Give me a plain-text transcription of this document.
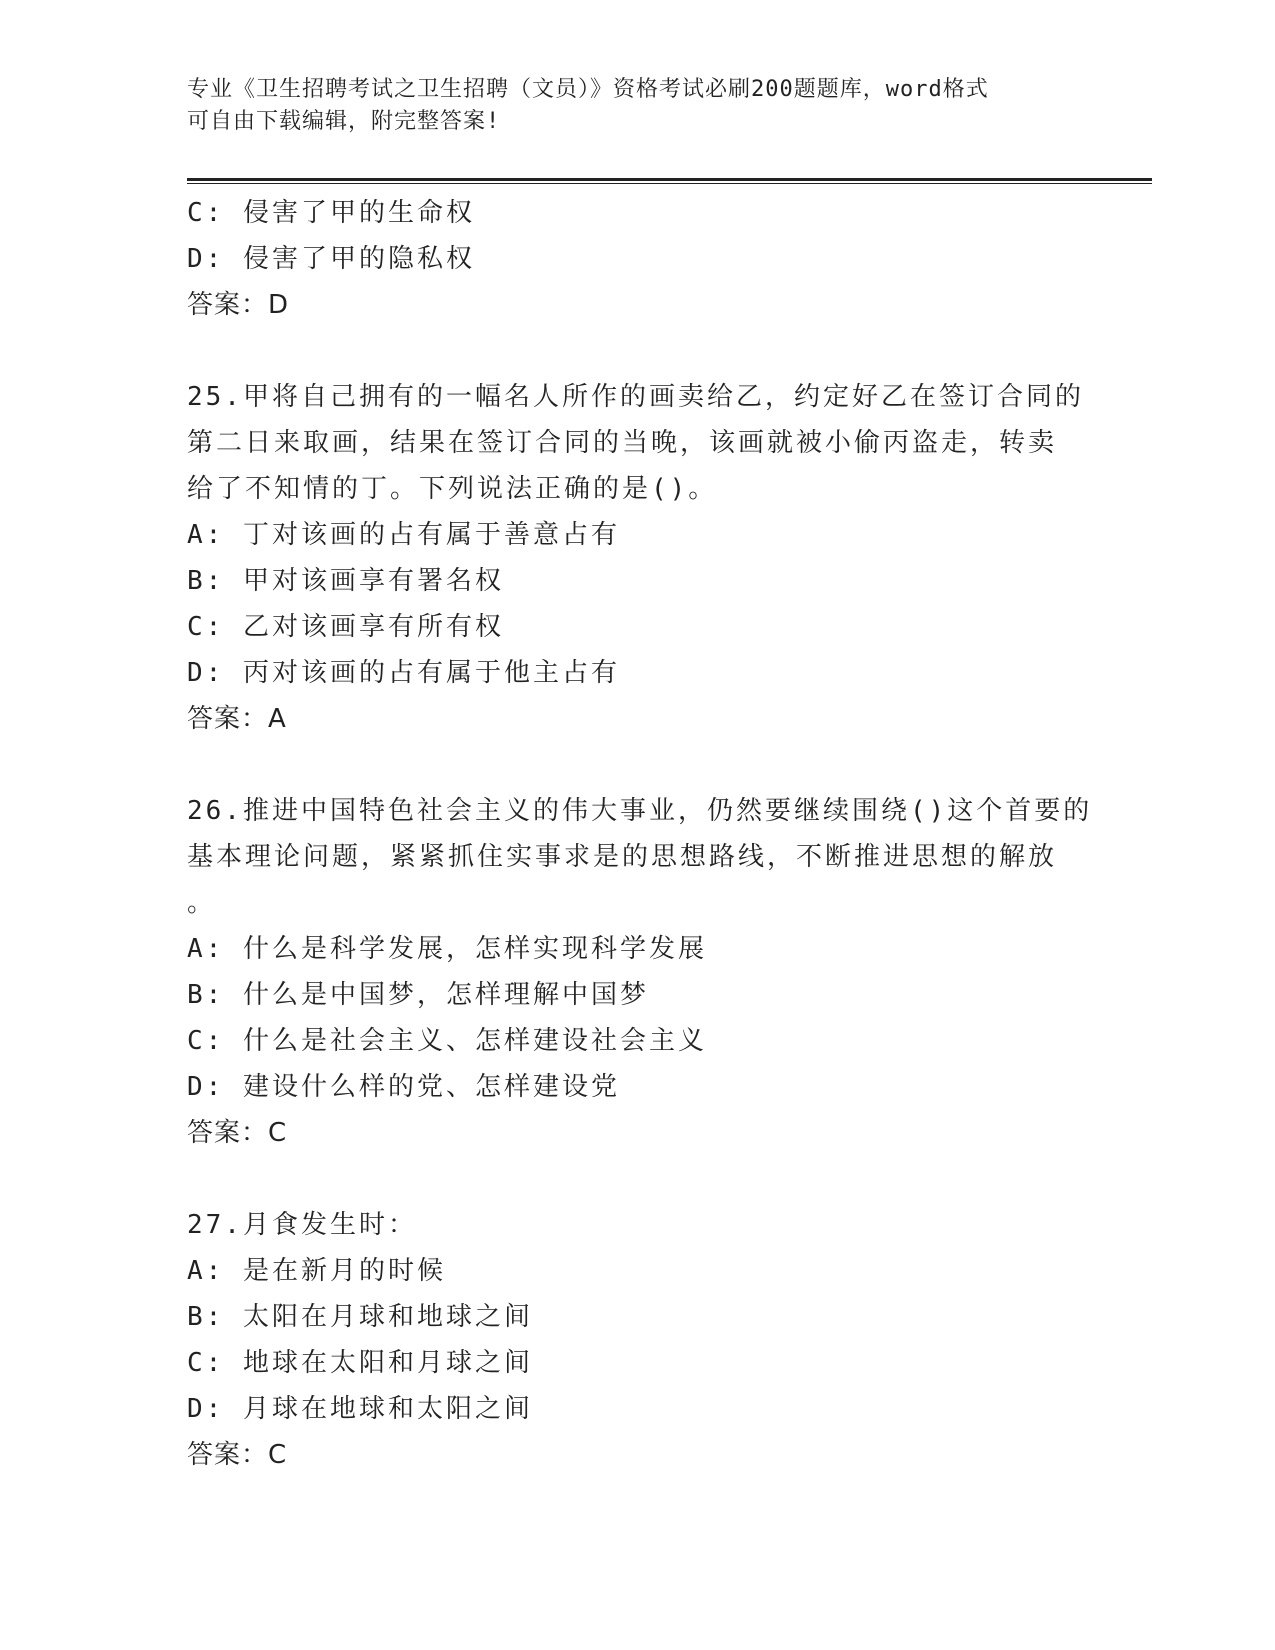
专业《卫生招聘考试之卫生招聘（文员）》资格考试必刷200题题库，word格式
可自由下载编辑，附完整答案!
C: 侵害了甲的生命权
D: 侵害了甲的隐私权
答案：D
25.甲将自己拥有的一幅名人所作的画卖给乙，约定好乙在签订合同的
第二日来取画，结果在签订合同的当晚，该画就被小偷丙盗走，转卖
给了不知情的丁。下列说法正确的是()。
A: 丁对该画的占有属于善意占有
B: 甲对该画享有署名权
C: 乙对该画享有所有权
D: 丙对该画的占有属于他主占有
答案：A
26.推进中国特色社会主义的伟大事业，仍然要继续围绕()这个首要的
基本理论问题，紧紧抓住实事求是的思想路线，不断推进思想的解放
。
A: 什么是科学发展，怎样实现科学发展
B: 什么是中国梦，怎样理解中国梦
C: 什么是社会主义、怎样建设社会主义
D: 建设什么样的党、怎样建设党
答案：C
27.月食发生时：
A: 是在新月的时候
B: 太阳在月球和地球之间
C: 地球在太阳和月球之间
D: 月球在地球和太阳之间
答案：C
